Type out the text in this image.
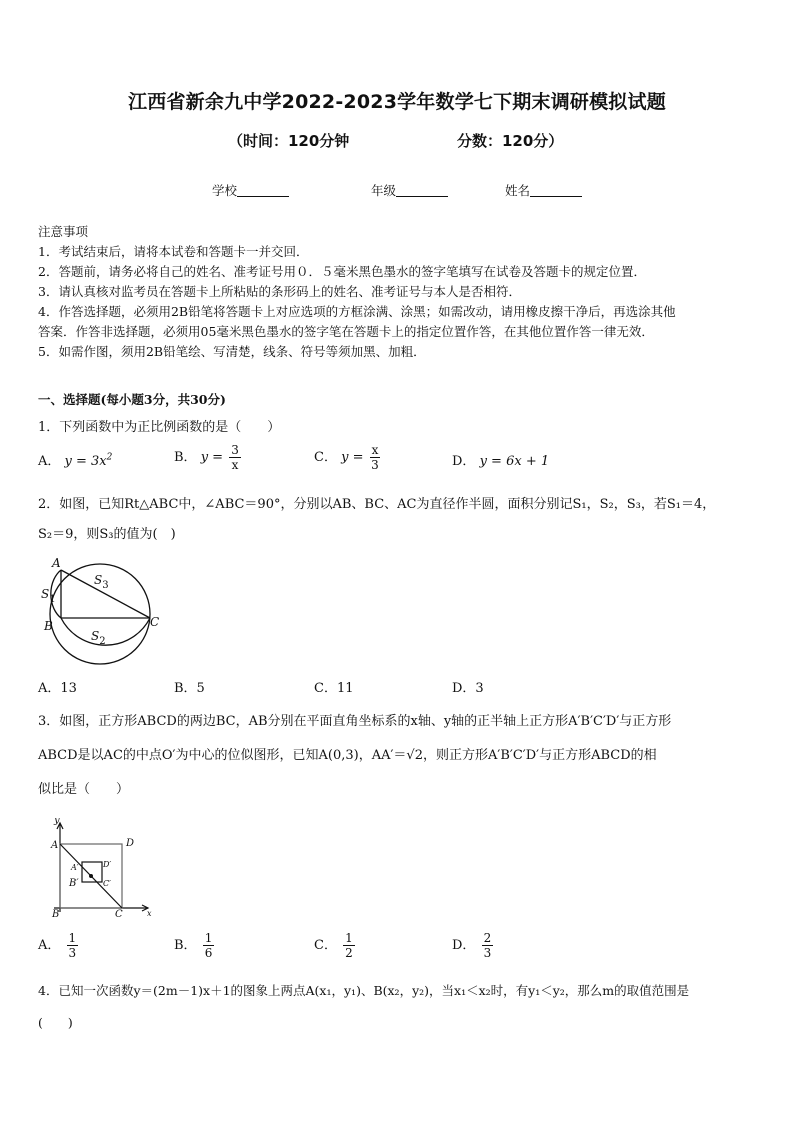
江西省新余九中学2022-2023学年数学七下期末调研模拟试题
（时间：120分钟	分数：120分）
学校	年级	姓名
注意事项
1．考试结束后，请将本试卷和答题卡一并交回．
2．答题前，请务必将自己的姓名、准考证号用０．５毫米黑色墨水的签字笔填写在试卷及答题卡的规定位置．
3．请认真核对监考员在答题卡上所粘贴的条形码上的姓名、准考证号与本人是否相符．
4．作答选择题，必须用2B铅笔将答题卡上对应选项的方框涂满、涂黑；如需改动，请用橡皮擦干净后，再选涂其他
答案．作答非选择题，必须用05毫米黑色墨水的签字笔在答题卡上的指定位置作答，在其他位置作答一律无效．
5．如需作图，须用2B铅笔绘、写清楚，线条、符号等须加黑、加粗．
一、选择题(每小题3分，共30分)
1．下列函数中为正比例函数的是（　　）
A． $y = 3x^2$	B． $y = \frac{3}{x}$	C． $y = \frac{x}{3}$	D． y = 6x + 1
2．如图，已知Rt△ABC中，∠ABC＝90°，分别以AB、BC、AC为直径作半圆，面积分别记S₁，S₂，S₃，若S₁＝4，
S₂＝9，则S₃的值为(　)
A
B	C
$S_1$
$S_3$
$S_2$
A．13	B．5	C．11	D．3
3．如图，正方形ABCD的两边BC，AB分别在平面直角坐标系的x轴、y轴的正半轴上正方形A′B′C′D′与正方形
ABCD是以AC的中点O′为中心的位似图形，已知A(0,3)，AA′＝√2，则正方形A′B′C′D′与正方形ABCD的相
似比是（　　）
y
x
A	D
B	C
A′
B′
D′
C′
A． $\frac{1}{3}$	B． $\frac{1}{6}$	C． $\frac{1}{2}$	D． $\frac{2}{3}$
4．已知一次函数y＝(2m－1)x＋1的图象上两点A(x₁，y₁)、B(x₂，y₂)，当x₁＜x₂时，有y₁＜y₂，那么m的取值范围是
(　　)
